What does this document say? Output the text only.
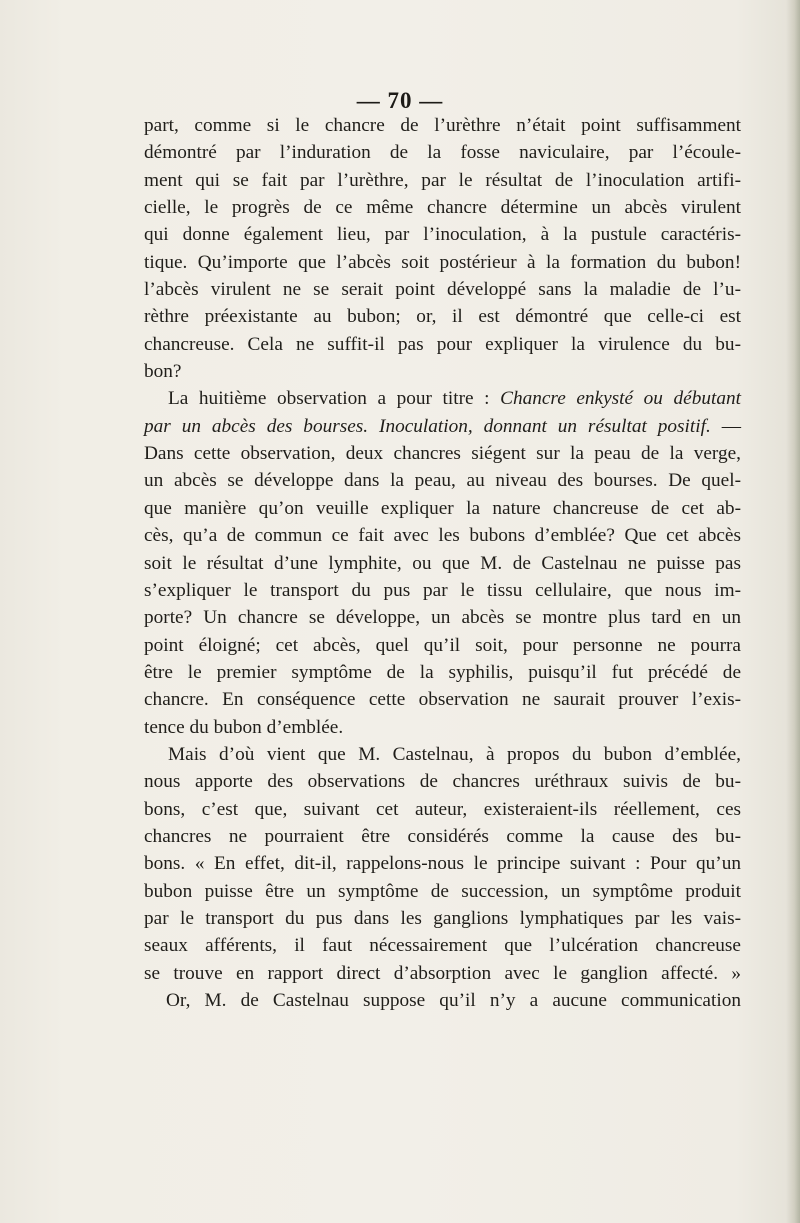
— 70 —
part, comme si le chancre de l’urèthre n’était point suffisamment
démontré par l’induration de la fosse naviculaire, par l’écoule-
ment qui se fait par l’urèthre, par le résultat de l’inoculation artifi-
cielle, le progrès de ce même chancre détermine un abcès virulent
qui donne également lieu, par l’inoculation, à la pustule caractéris-
tique. Qu’importe que l’abcès soit postérieur à la formation du bubon!
l’abcès virulent ne se serait point développé sans la maladie de l’u-
rèthre préexistante au bubon; or, il est démontré que celle-ci est
chancreuse. Cela ne suffit-il pas pour expliquer la virulence du bu-
bon?
La huitième observation a pour titre : Chancre enkysté ou débutant
par un abcès des bourses. Inoculation, donnant un résultat positif. —
Dans cette observation, deux chancres siégent sur la peau de la verge,
un abcès se développe dans la peau, au niveau des bourses. De quel-
que manière qu’on veuille expliquer la nature chancreuse de cet ab-
cès, qu’a de commun ce fait avec les bubons d’emblée? Que cet abcès
soit le résultat d’une lymphite, ou que M. de Castelnau ne puisse pas
s’expliquer le transport du pus par le tissu cellulaire, que nous im-
porte? Un chancre se développe, un abcès se montre plus tard en un
point éloigné; cet abcès, quel qu’il soit, pour personne ne pourra
être le premier symptôme de la syphilis, puisqu’il fut précédé de
chancre. En conséquence cette observation ne saurait prouver l’exis-
tence du bubon d’emblée.
Mais d’où vient que M. Castelnau, à propos du bubon d’emblée,
nous apporte des observations de chancres uréthraux suivis de bu-
bons, c’est que, suivant cet auteur, existeraient-ils réellement, ces
chancres ne pourraient être considérés comme la cause des bu-
bons. « En effet, dit-il, rappelons-nous le principe suivant : Pour qu’un
bubon puisse être un symptôme de succession, un symptôme produit
par le transport du pus dans les ganglions lymphatiques par les vais-
seaux afférents, il faut nécessairement que l’ulcération chancreuse
se trouve en rapport direct d’absorption avec le ganglion affecté. »
Or, M. de Castelnau suppose qu’il n’y a aucune communication
